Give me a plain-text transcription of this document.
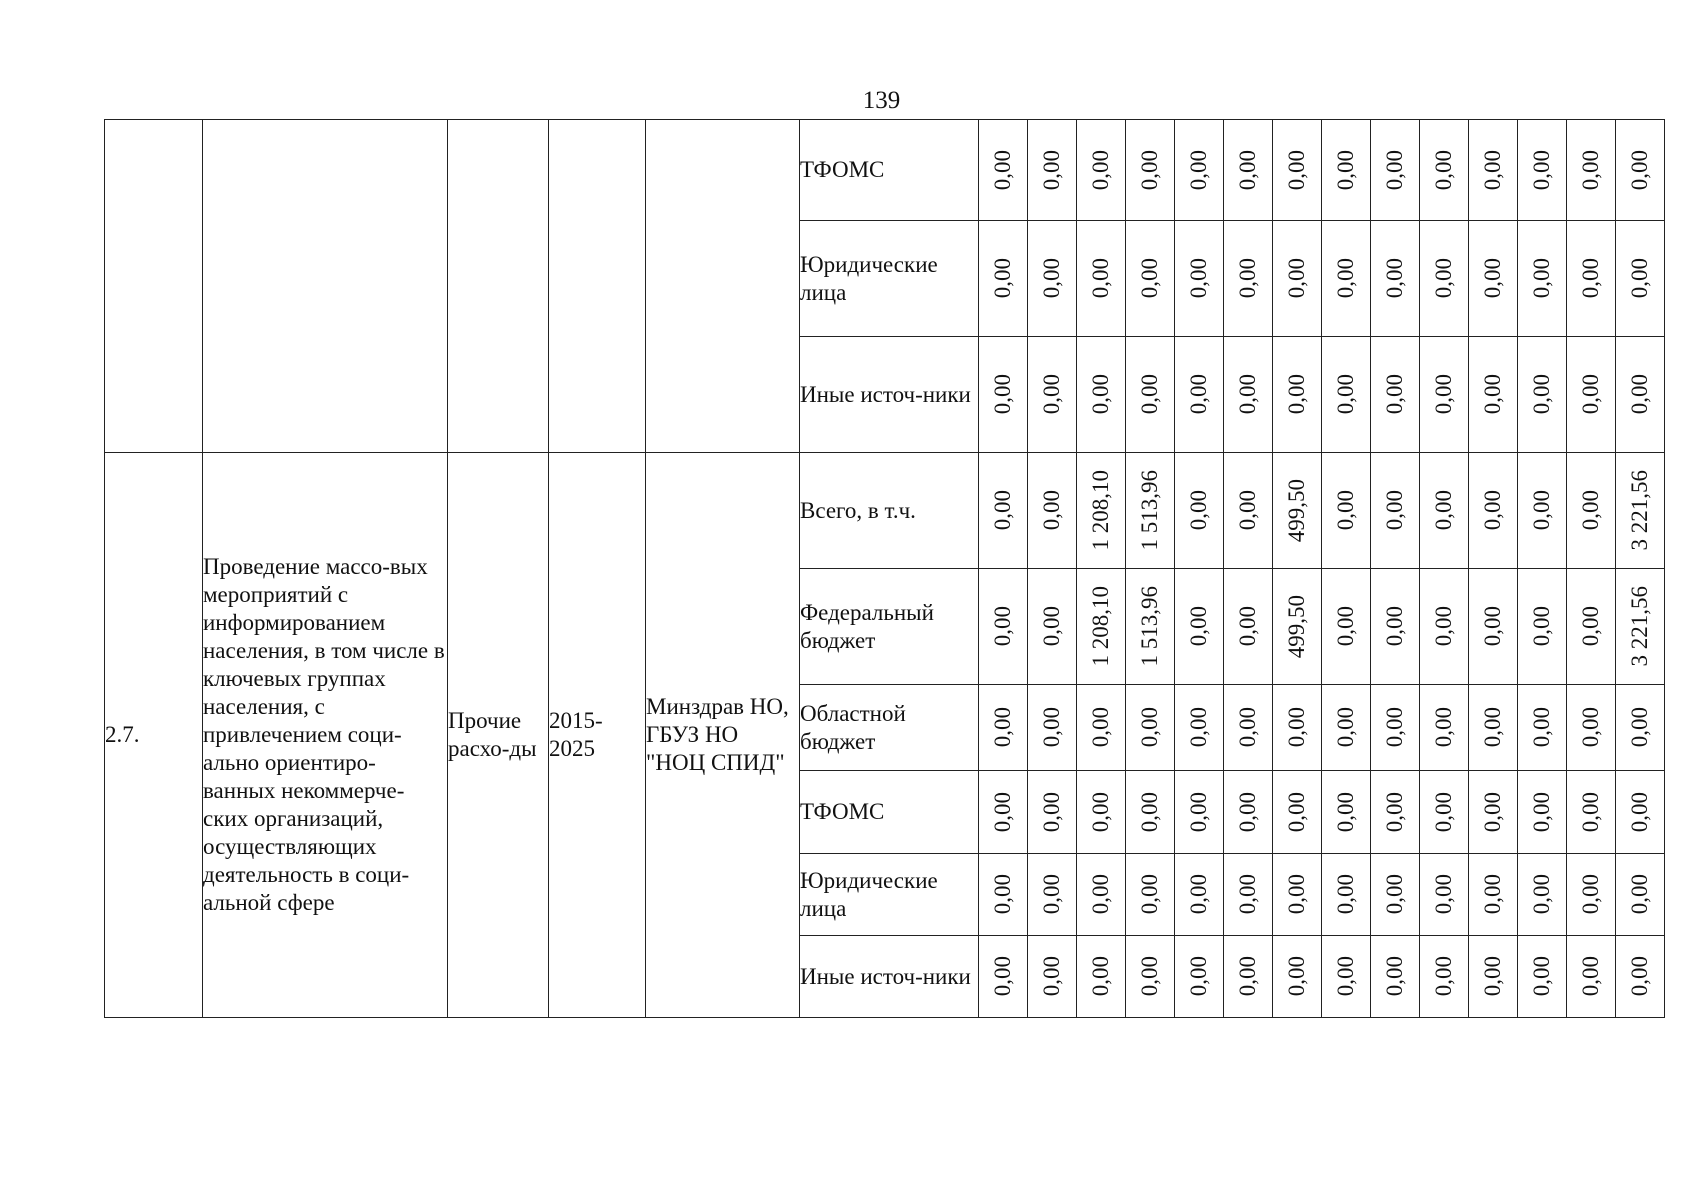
139
					ТФОМС	0,00	0,00	0,00	0,00	0,00	0,00	0,00	0,00	0,00	0,00	0,00	0,00	0,00	0,00

					Юридические лица	0,00	0,00	0,00	0,00	0,00	0,00	0,00	0,00	0,00	0,00	0,00	0,00	0,00	0,00

					Иные источ-ники	0,00	0,00	0,00	0,00	0,00	0,00	0,00	0,00	0,00	0,00	0,00	0,00	0,00	0,00

2.7.	Проведение массо-вых мероприятий с информированием населения, в том числе в ключевых группах населения, с привлечением соци-ально ориентиро-ванных некоммерче-ских организаций, осуществляющих деятельность в соци-альной сфере	Прочие расхо-ды	2015-2025	Минздрав НО, ГБУЗ НО "НОЦ СПИД"	Всего, в т.ч.	0,00	0,00	1 208,10	1 513,96	0,00	0,00	499,50	0,00	0,00	0,00	0,00	0,00	0,00	3 221,56

					Федеральный бюджет	0,00	0,00	1 208,10	1 513,96	0,00	0,00	499,50	0,00	0,00	0,00	0,00	0,00	0,00	3 221,56

					Областной бюджет	0,00	0,00	0,00	0,00	0,00	0,00	0,00	0,00	0,00	0,00	0,00	0,00	0,00	0,00

					ТФОМС	0,00	0,00	0,00	0,00	0,00	0,00	0,00	0,00	0,00	0,00	0,00	0,00	0,00	0,00

					Юридические лица	0,00	0,00	0,00	0,00	0,00	0,00	0,00	0,00	0,00	0,00	0,00	0,00	0,00	0,00

					Иные источ-ники	0,00	0,00	0,00	0,00	0,00	0,00	0,00	0,00	0,00	0,00	0,00	0,00	0,00	0,00
